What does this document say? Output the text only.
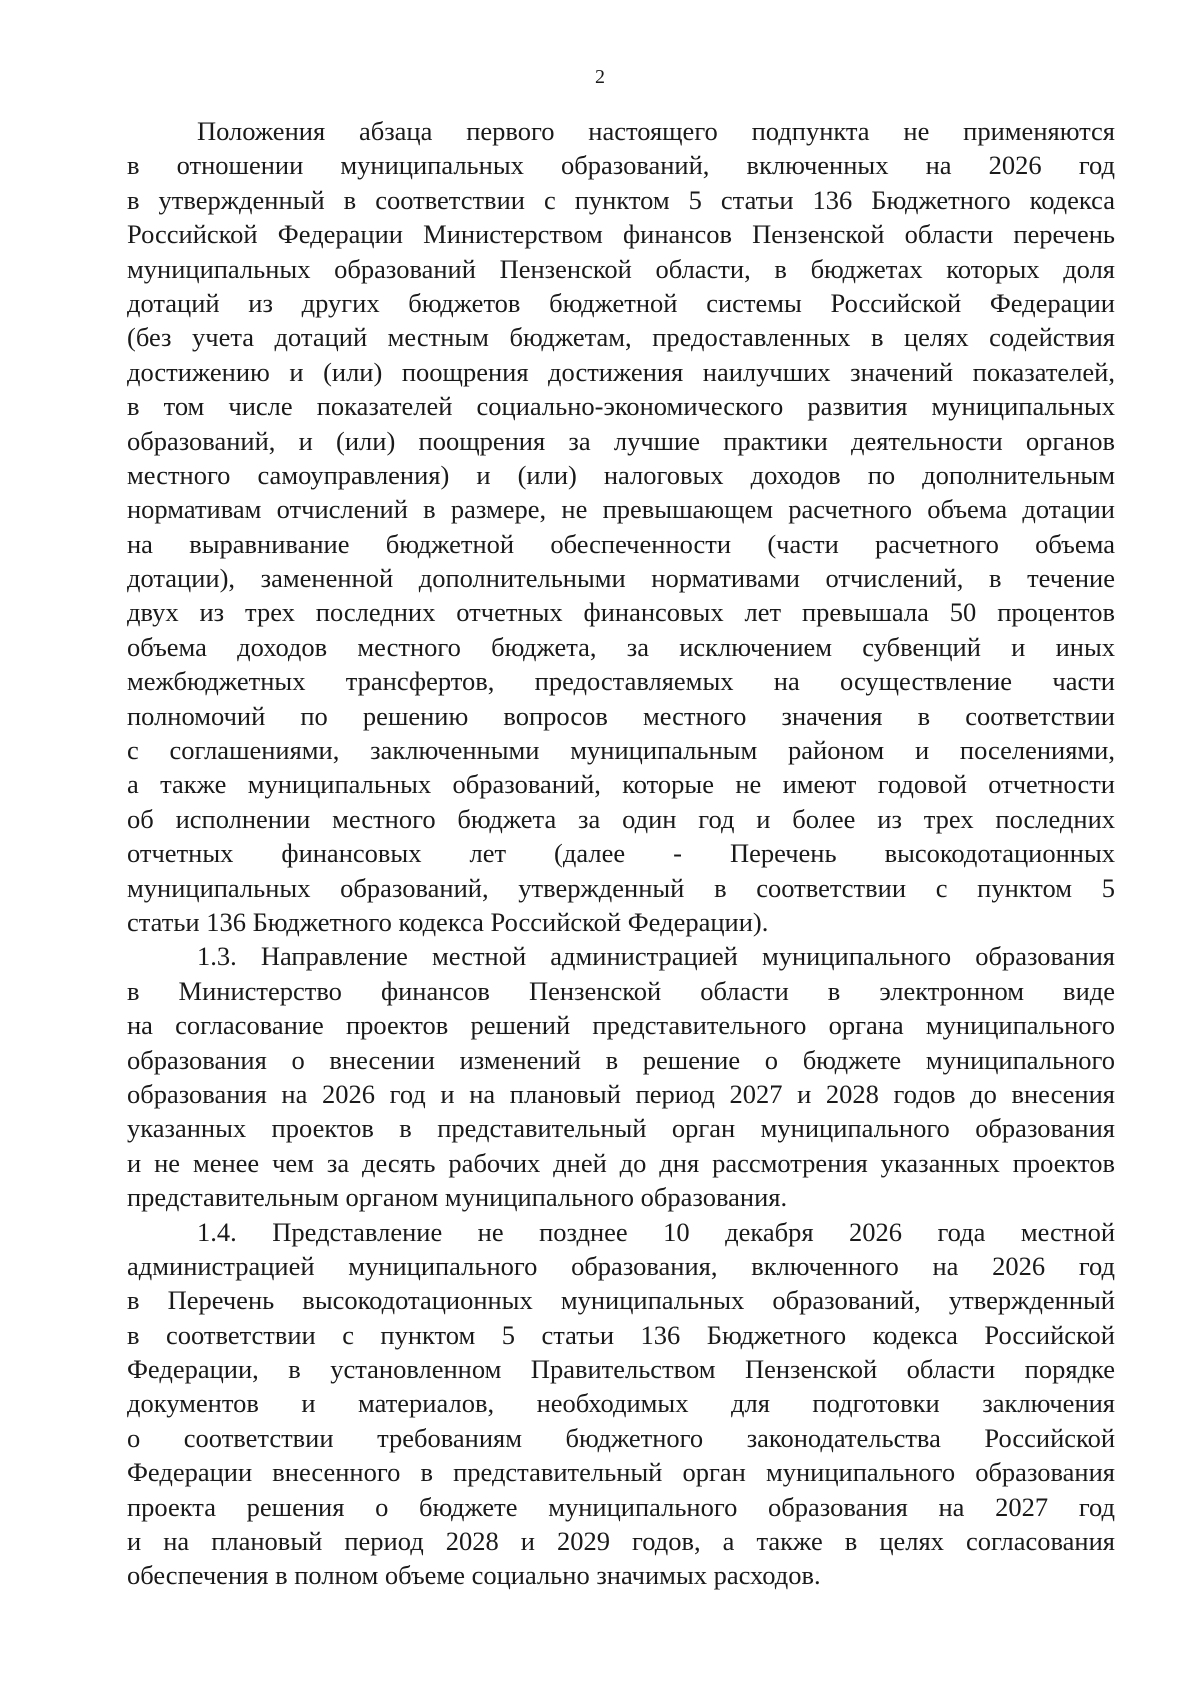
2
Положения абзаца первого настоящего подпункта не применяются
в отношении муниципальных образований, включенных на 2026 год
в утвержденный в соответствии с пунктом 5 статьи 136 Бюджетного кодекса
Российской Федерации Министерством финансов Пензенской области перечень
муниципальных образований Пензенской области, в бюджетах которых доля
дотаций из других бюджетов бюджетной системы Российской Федерации
(без учета дотаций местным бюджетам, предоставленных в целях содействия
достижению и (или) поощрения достижения наилучших значений показателей,
в том числе показателей социально-экономического развития муниципальных
образований, и (или) поощрения за лучшие практики деятельности органов
местного самоуправления) и (или) налоговых доходов по дополнительным
нормативам отчислений в размере, не превышающем расчетного объема дотации
на выравнивание бюджетной обеспеченности (части расчетного объема
дотации), замененной дополнительными нормативами отчислений, в течение
двух из трех последних отчетных финансовых лет превышала 50 процентов
объема доходов местного бюджета, за исключением субвенций и иных
межбюджетных трансфертов, предоставляемых на осуществление части
полномочий по решению вопросов местного значения в соответствии
с соглашениями, заключенными муниципальным районом и поселениями,
а также муниципальных образований, которые не имеют годовой отчетности
об исполнении местного бюджета за один год и более из трех последних
отчетных финансовых лет (далее - Перечень высокодотационных
муниципальных образований, утвержденный в соответствии с пунктом 5
статьи 136 Бюджетного кодекса Российской Федерации).
1.3. Направление местной администрацией муниципального образования
в Министерство финансов Пензенской области в электронном виде
на согласование проектов решений представительного органа муниципального
образования о внесении изменений в решение о бюджете муниципального
образования на 2026 год и на плановый период 2027 и 2028 годов до внесения
указанных проектов в представительный орган муниципального образования
и не менее чем за десять рабочих дней до дня рассмотрения указанных проектов
представительным органом муниципального образования.
1.4. Представление не позднее 10 декабря 2026 года местной
администрацией муниципального образования, включенного на 2026 год
в Перечень высокодотационных муниципальных образований, утвержденный
в соответствии с пунктом 5 статьи 136 Бюджетного кодекса Российской
Федерации, в установленном Правительством Пензенской области порядке
документов и материалов, необходимых для подготовки заключения
о соответствии требованиям бюджетного законодательства Российской
Федерации внесенного в представительный орган муниципального образования
проекта решения о бюджете муниципального образования на 2027 год
и на плановый период 2028 и 2029 годов, а также в целях согласования
обеспечения в полном объеме социально значимых расходов.
